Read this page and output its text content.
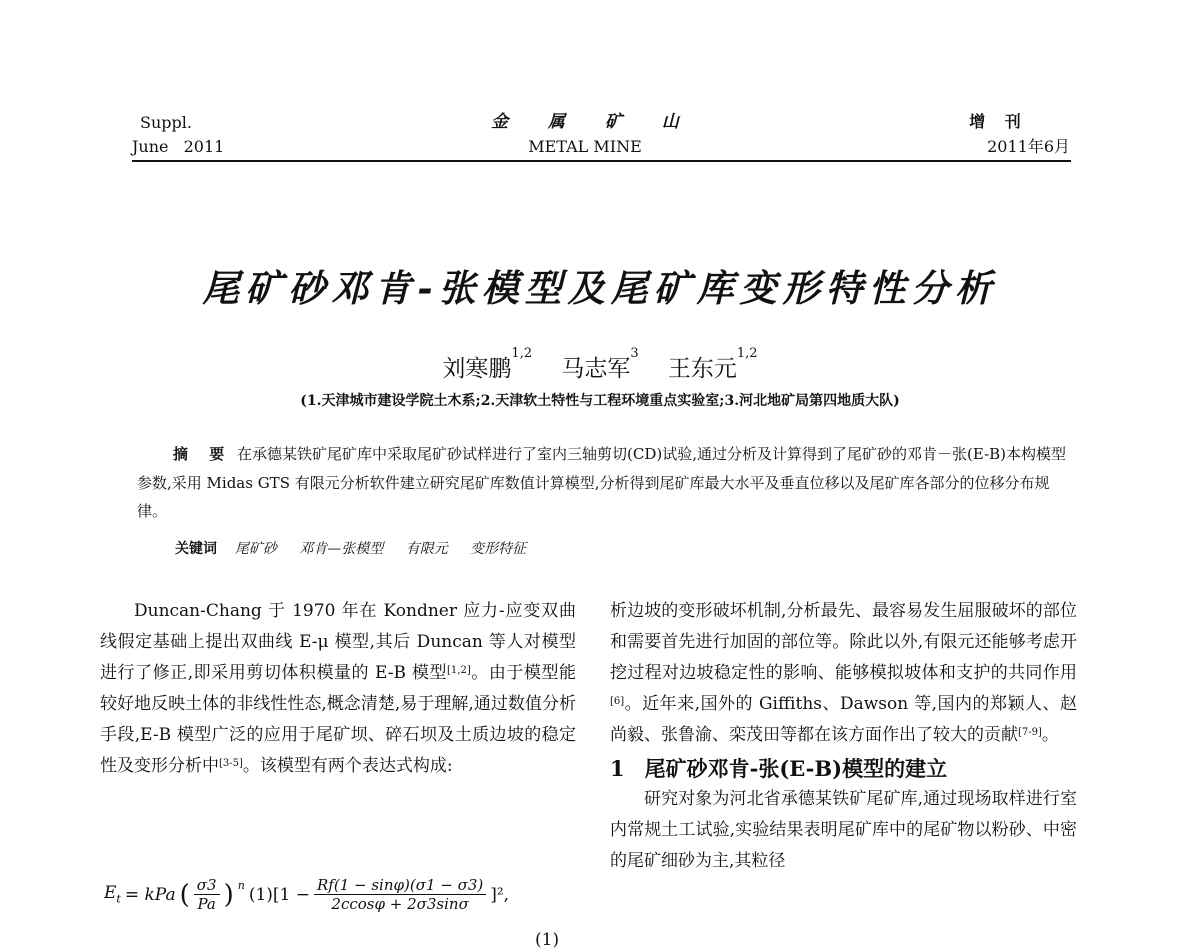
Suppl.
June 2011
金 属 矿 山
METAL MINE
增 刊
2011年6月
尾矿砂邓肯-张模型及尾矿库变形特性分析
刘寒鹏$^{1,2}$    马志军$^3$    王东元$^{1,2}$
(1.天津城市建设学院土木系;2.天津软土特性与工程环境重点实验室;3.河北地矿局第四地质大队)
摘 要 在承德某铁矿尾矿库中采取尾矿砂试样进行了室内三轴剪切(CD)试验,通过分析及计算得到了尾矿砂的邓肯－张(E-B)本构模型参数,采用 Midas GTS 有限元分析软件建立研究尾矿库数值计算模型,分析得到尾矿库最大水平及垂直位移以及尾矿库各部分的位移分布规律。
关键词 尾矿砂 邓肯—张模型 有限元 变形特征

Duncan-Chang 于 1970 年在 Kondner 应力-应变双曲线假定基础上提出双曲线 E-μ 模型,其后 Duncan 等人对模型进行了修正,即采用剪切体积模量的 E-B 模型[1,2]。由于模型能较好地反映土体的非线性性态,概念清楚,易于理解,通过数值分析手段,E-B 模型广泛的应用于尾矿坝、碎石坝及土质边坡的稳定性及变形分析中[3-5]。该模型有两个表达式构成:

$E_t$ = kPa ( $\frac{\sigma 3}{Pa}$ ) $^n$ $(1)[1 - \frac{Rf(1 - \sin\varphi)(\sigma 1 - \sigma 3)}{2ccos\varphi + 2\sigma 3\sin\sigma} ]^2$,
(1)

析边坡的变形破坏机制,分析最先、最容易发生屈服破坏的部位和需要首先进行加固的部位等。除此以外,有限元还能够考虑开挖过程对边坡稳定性的影响、能够模拟坡体和支护的共同作用[6]。近年来,国外的 Giffiths、Dawson 等,国内的郑颖人、赵尚毅、张鲁渝、栾茂田等都在该方面作出了较大的贡献[7-9]。

1 尾矿砂邓肯-张(E-B)模型的建立

研究对象为河北省承德某铁矿尾矿库,通过现场取样进行室内常规土工试验,实验结果表明尾矿库中的尾矿物以粉砂、中密的尾矿细砂为主,其粒径
